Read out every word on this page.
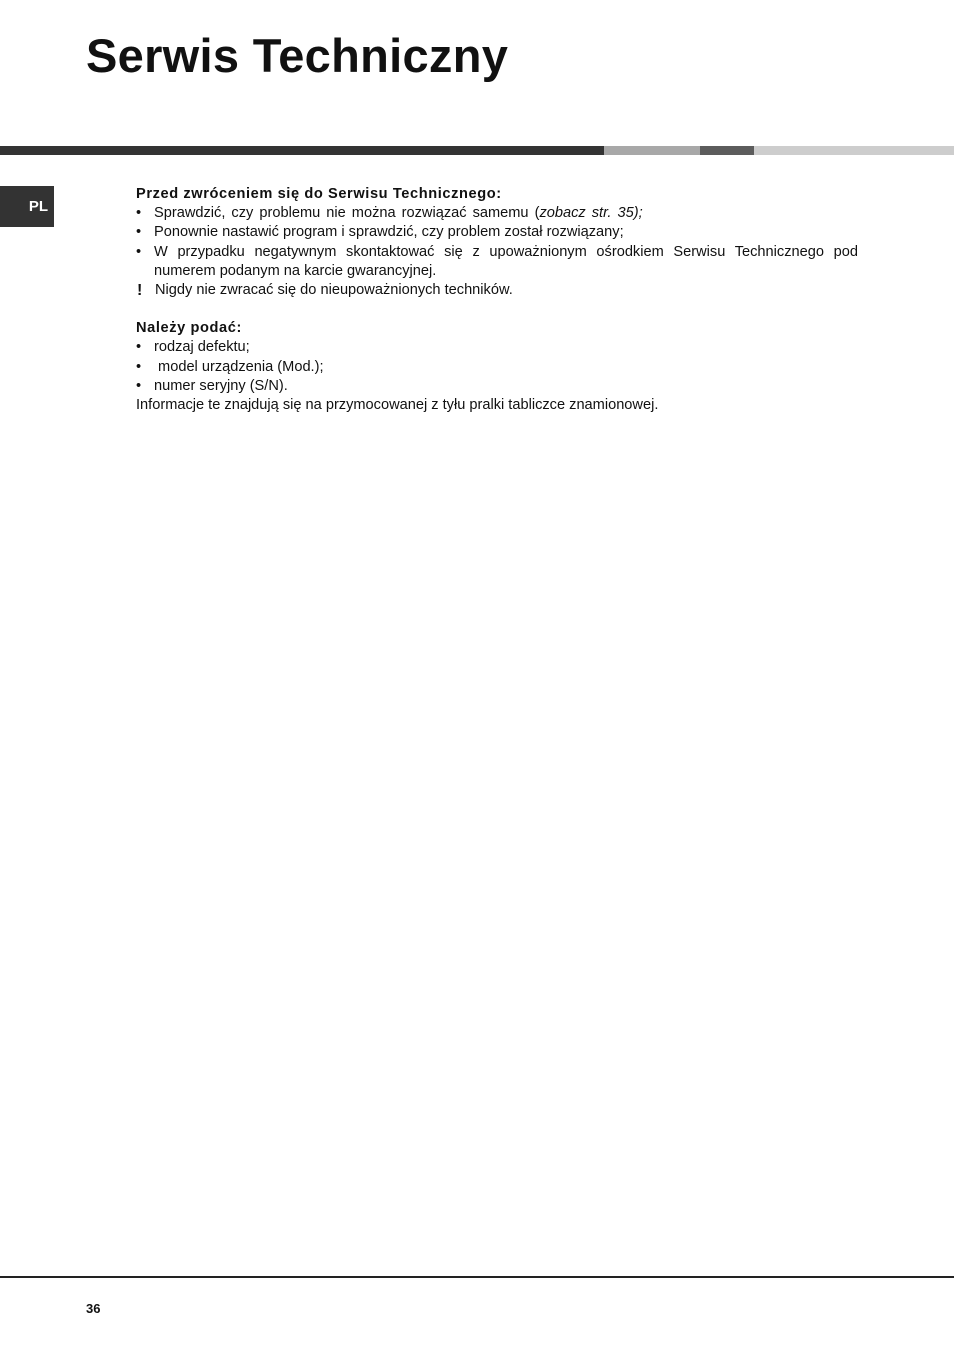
Serwis Techniczny
PL
Przed zwróceniem się do Serwisu Technicznego:
• Sprawdzić, czy problemu nie można rozwiązać samemu (zobacz str. 35);
• Ponownie nastawić program i sprawdzić, czy problem został rozwiązany;
• W przypadku negatywnym skontaktować się z upoważnionym ośrodkiem Serwisu Technicznego pod numerem podanym na karcie gwarancyjnej.
! Nigdy nie zwracać się do nieupoważnionych techników.
Należy podać:
• rodzaj defektu;
• model urządzenia (Mod.);
• numer seryjny (S/N).
Informacje te znajdują się na przymocowanej z tyłu pralki tabliczce znamionowej.
36
